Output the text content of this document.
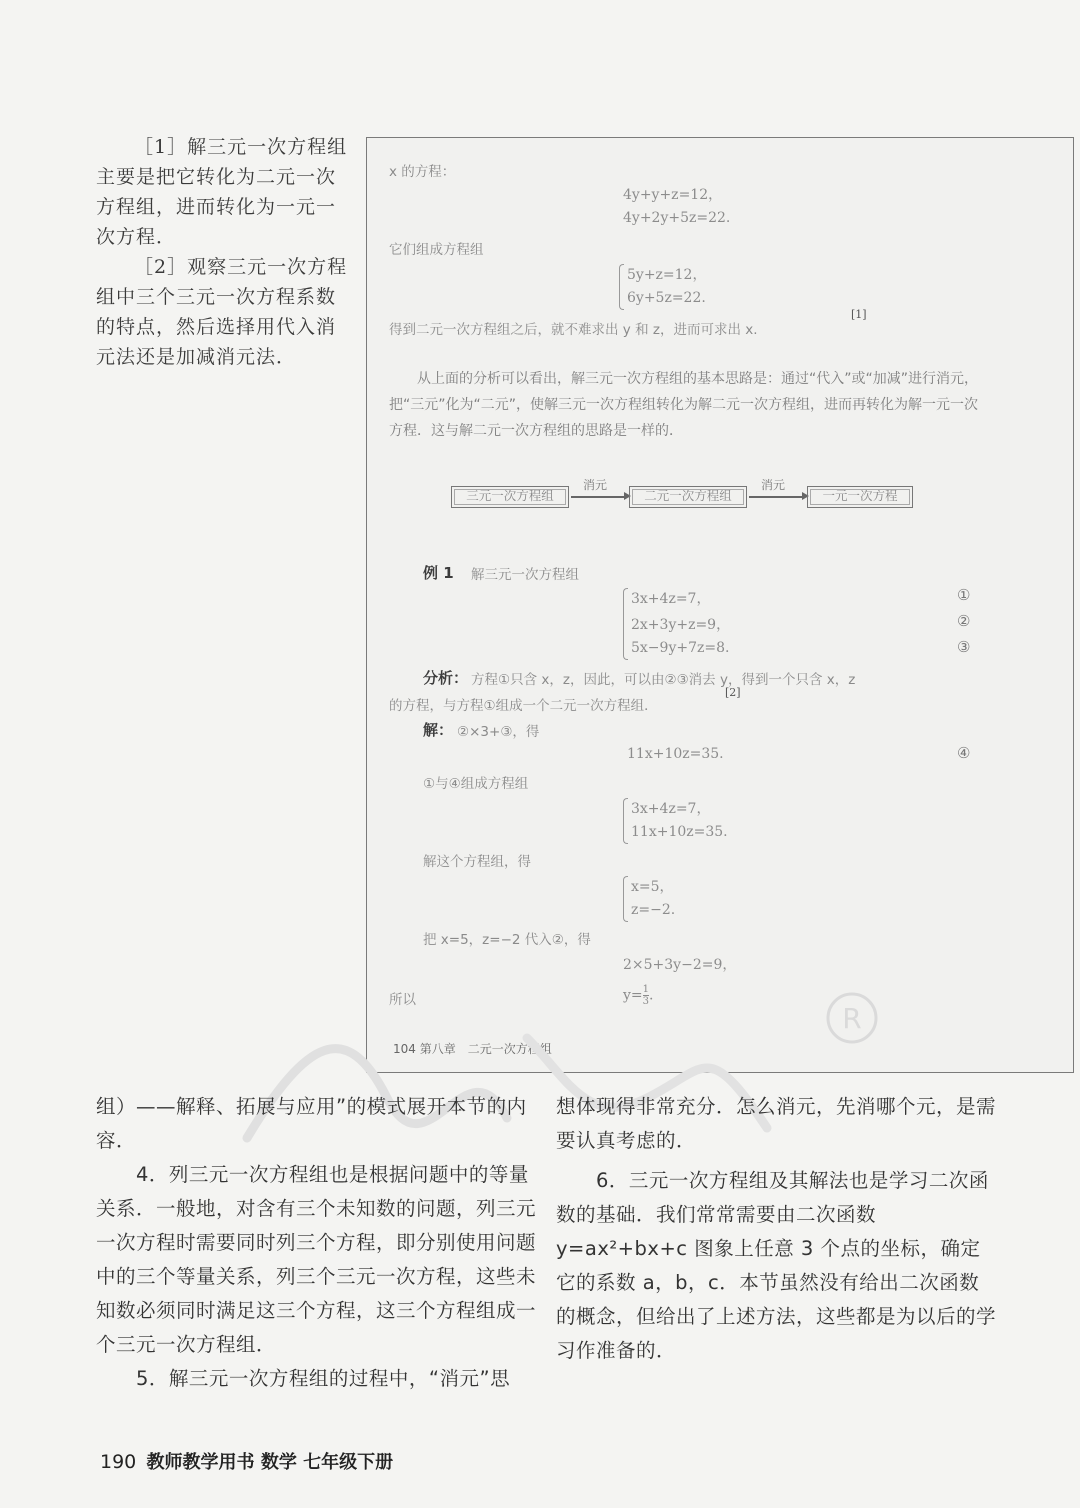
［1］解三元一次方程组主要是把它转化为二元一次方程组，进而转化为一元一次方程．

［2］观察三元一次方程组中三个三元一次方程系数的特点，然后选择用代入消元法还是加减消元法．

x 的方程：
4y+y+z=12，
4y+2y+5z=22.
它们组成方程组
5y+z=12，
6y+5z=22.
得到二元一次方程组之后，就不难求出 y 和 z，进而可求出 x.
[1]
从上面的分析可以看出，解三元一次方程组的基本思路是：通过“代入”或“加减”进行消元，把“三元”化为“二元”，使解三元一次方程组转化为解二元一次方程组，进而再转化为解一元一次方程．这与解二元一次方程组的思路是一样的．
三元一次方程组
消元
二元一次方程组
消元
一元一次方程
例 1 解三元一次方程组
3x+4z=7，
2x+3y+z=9，
5x−9y+7z=8.
①
②
③
分析： 方程①只含 x，z，因此，可以由②③消去 y，得到一个只含 x，z
的方程，与方程①组成一个二元一次方程组．
[2]
解： ②×3+③，得
11x+10z=35.	④
①与④组成方程组
3x+4z=7，
11x+10z=35.
解这个方程组，得
x=5，
z=−2.
把 x=5，z=−2 代入②，得
2×5+3y−2=9，
所以	$y= \frac{1}{3}$ .
104 第八章　二元一次方程组
R

组）——解释、拓展与应用”的模式展开本节的内容．

4．列三元一次方程组也是根据问题中的等量关系．一般地，对含有三个未知数的问题，列三元一次方程时需要同时列三个方程，即分别使用问题中的三个等量关系，列三个三元一次方程，这些未知数必须同时满足这三个方程，这三个方程组成一个三元一次方程组．

5．解三元一次方程组的过程中，“消元”思

想体现得非常充分．怎么消元，先消哪个元，是需要认真考虑的．

6．三元一次方程组及其解法也是学习二次函数的基础．我们常常需要由二次函数 y=ax²+bx+c 图象上任意 3 个点的坐标，确定它的系数 a，b，c．本节虽然没有给出二次函数的概念，但给出了上述方法，这些都是为以后的学习作准备的．

190 教师教学用书 数学 七年级下册
